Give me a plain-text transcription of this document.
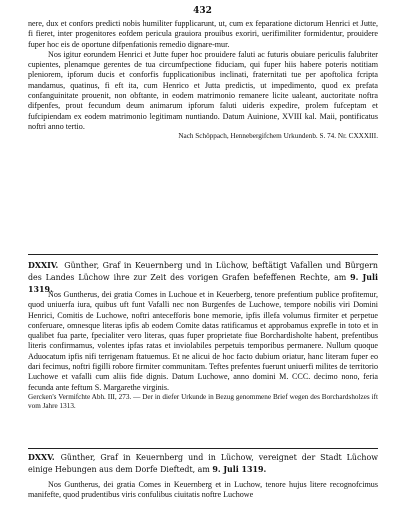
432

nere, dux et confors predicti nobis humiliter fupplicarunt, ut, cum ex feparatione dictorum Henrici et Jutte, fi fieret, inter progenitores eofdem pericula grauiora prouibus exoriri, uerifimiliter formidentur, prouidere fuper hoc eis de oportune difpenfationis remedio dignare-mur.

Nos igitur eorundem Henrici et Jutte fuper hoc prouidere faluti ac futuris obuiare periculis falubriter cupientes, plenamque gerentes de tua circumfpectione fiduciam, qui fuper hiis habere poteris notitiam pleniorem, ipforum ducis et conforfis fupplicationibus inclinati, fraternitati tue per apoftolica fcripta mandamus, quatinus, fi eft ita, cum Henrico et Jutta predictis, ut impedimento, quod ex prefata confanguinitate prouenit, non obftante, in eodem matrimonio remanere licite ualeant, auctoritate noftra difpenfes, prout fecundum deum animarum ipforum faluti uideris expedire, prolem fufceptam et fufcipiendam ex eodem matrimonio legitimam nuntiando. Datum Auinione, XVIII kal. Maii, pontificatus noftri anno tertio.

Nach Schöppach, Hennebergifchem Urkundenb. S. 74. Nr. CXXXIII.

DXXIV. Günther, Graf in Keuernberg und in Lüchow, beftätigt Vafallen und Bürgern des Landes Lüchow ihre zur Zeit des vorigen Grafen befeffenen Rechte, am 9. Juli 1319.

Nos Guntherus, dei gratia Comes in Luchoue et in Keuerberg, tenore prefentium publice profitemur, quod uniuerfa iura, quibus uft funt Vafalli nec non Burgenfes de Luchowe, tempore nobilis viri Domini Henrici, Comitis de Luchowe, noftri antecefforis bone memorie, ipfis illefa volumus firmiter et perpetue conferuare, omnesque literas ipfis ab eodem Comite datas ratificamus et approbamus exprefle in toto et in qualibet fua parte, fpecialiter vero literas, quas fuper proprietate fiue Borchardisholte habent, prefentibus literis confirmamus, volentes ipfas ratas et inviolabiles perpetuis temporibus permanere. Nullum quoque Aduocatum ipfis nifi terrigenam ftatuemus. Et ne alicui de hoc facto dubium oriatur, hanc literam fuper eo dari fecimus, noftri figilli robore firmiter communitam. Teftes prefentes fuerunt uniuerfi milites de territorio Luchowe et vafalli cum aliis fide dignis. Datum Luchowe, anno domini M. CCC. decimo nono, feria fecunda ante feftum S. Margarethe virginis.

Gercken's Vermifchte Abh. III, 273. — Der in diefer Urkunde in Bezug genommene Brief wegen des Borchardsholzes ift vom Jahre 1313.

DXXV. Günther, Graf in Keuernberg und in Lüchow, vereignet der Stadt Lüchow einige Hebungen aus dem Dorfe Dieftedt, am 9. Juli 1319.

Nos Guntherus, dei gratia Comes in Keuernberg et in Luchow, tenore hujus litere recognofcimus manifefte, quod prudentibus viris confulibus ciuitatis noftre Luchowe
